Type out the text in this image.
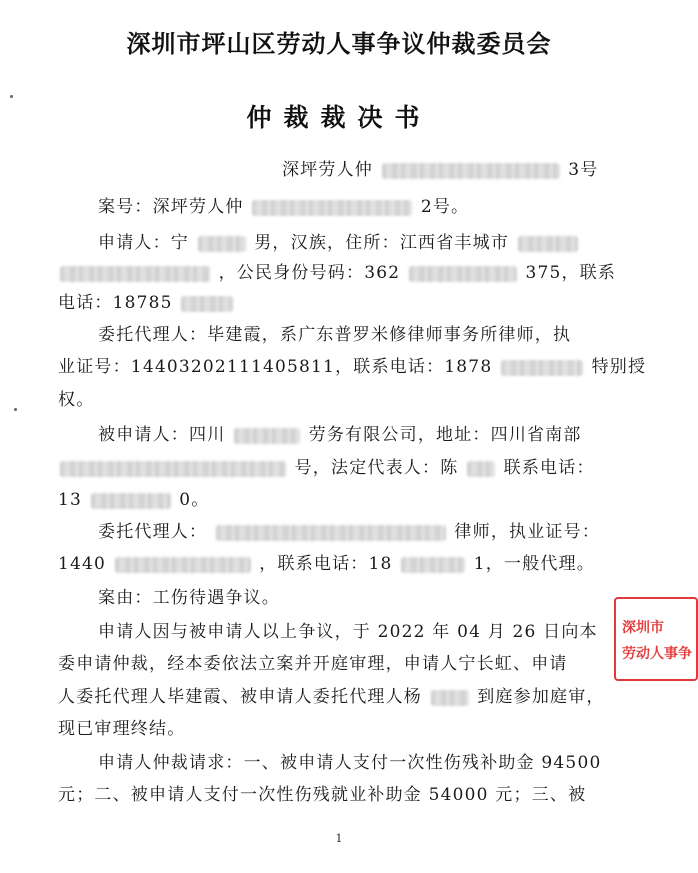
深圳市坪山区劳动人事争议仲裁委员会
仲裁裁决书
深坪劳人仲	3号
案号：深坪劳人仲	2号。
申请人：宁	男，汉族，住所：江西省丰城市
，公民身份号码：362	375，联系
电话：18785
委托代理人：毕建霞，系广东普罗米修律师事务所律师，执
业证号：14403202111405811，联系电话：1878	特别授
权。
被申请人：四川	劳务有限公司，地址：四川省南部
号，法定代表人：陈	联系电话：
13	0。
委托代理人：	律师，执业证号：
1440	，联系电话：18	1，一般代理。
案由：工伤待遇争议。
申请人因与被申请人以上争议，于 2022 年 04 月 26 日向本
委申请仲裁，经本委依法立案并开庭审理，申请人宁长虹、申请
人委托代理人毕建霞、被申请人委托代理人杨	到庭参加庭审，
现已审理终结。
申请人仲裁请求：一、被申请人支付一次性伤残补助金 94500
元；二、被申请人支付一次性伤残就业补助金 54000 元；三、被
深圳市
劳动人事争
1
